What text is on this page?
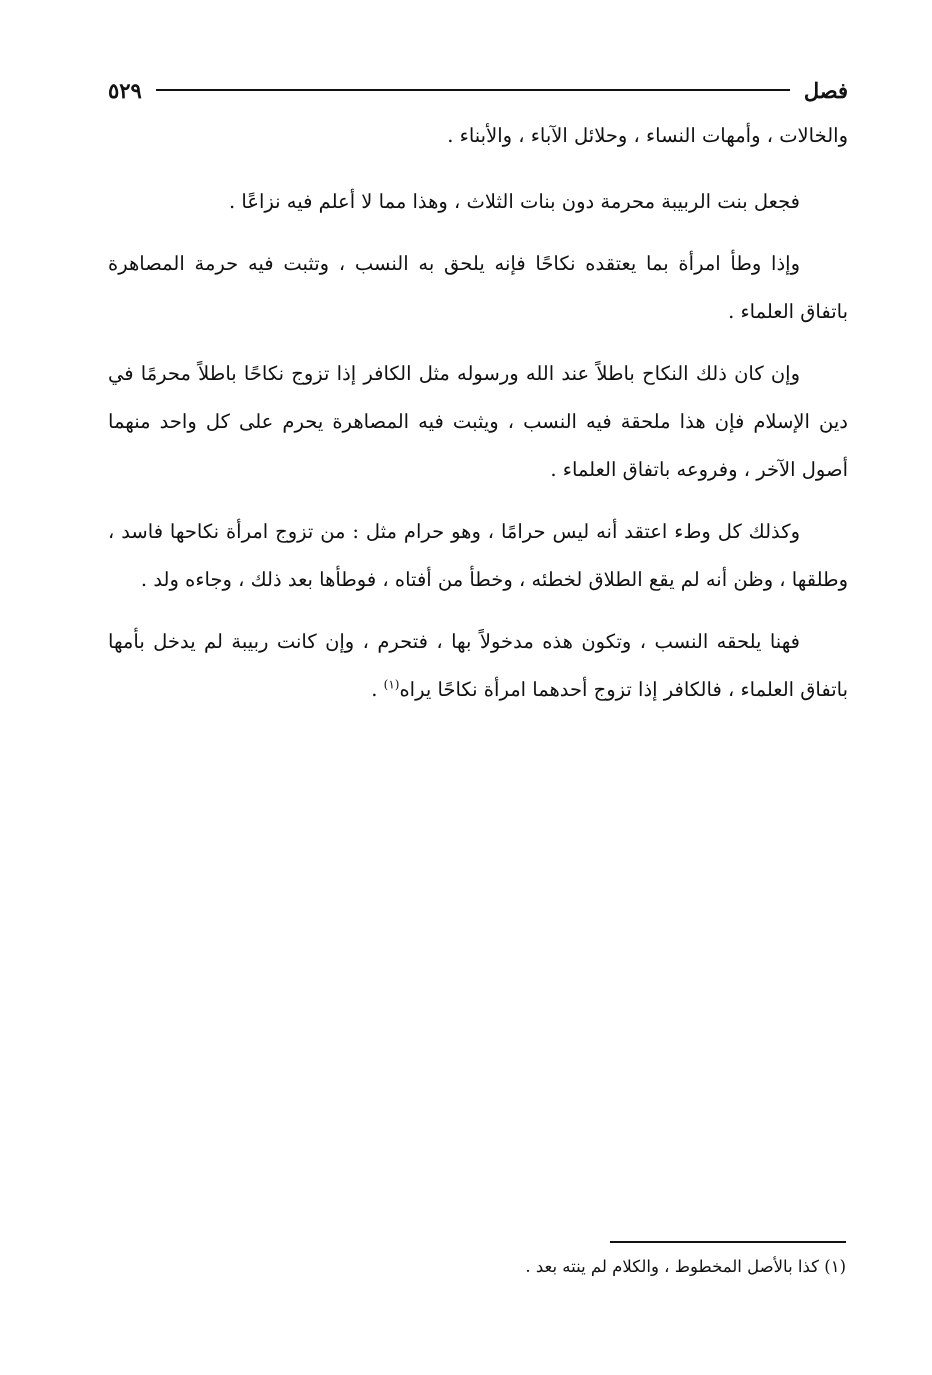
فصل
٥٢٩

والخالات ، وأمهات النساء ، وحلائل الآباء ، والأبناء .

فجعل بنت الربيبة محرمة دون بنات الثلاث ، وهذا مما لا أعلم فيه نزاعًا .

وإذا وطأ امرأة بما يعتقده نكاحًا فإنه يلحق به النسب ، وتثبت فيه حرمة المصاهرة باتفاق العلماء .

وإن كان ذلك النكاح باطلاً عند الله ورسوله مثل الكافر إذا تزوج نكاحًا باطلاً محرمًا في دين الإسلام فإن هذا ملحقة فيه النسب ، ويثبت فيه المصاهرة يحرم على كل واحد منهما أصول الآخر ، وفروعه باتفاق العلماء .

وكذلك كل وطء اعتقد أنه ليس حرامًا ، وهو حرام مثل : من تزوج امرأة نكاحها فاسد ، وطلقها ، وظن أنه لم يقع الطلاق لخطئه ، وخطأ من أفتاه ، فوطأها بعد ذلك ، وجاءه ولد .

فهنا يلحقه النسب ، وتكون هذه مدخولاً بها ، فتحرم ، وإن كانت ربيبة لم يدخل بأمها باتفاق العلماء ، فالكافر إذا تزوج أحدهما امرأة نكاحًا يراه$^{(١)}$ .

(١) كذا بالأصل المخطوط ، والكلام لم ينته بعد .
